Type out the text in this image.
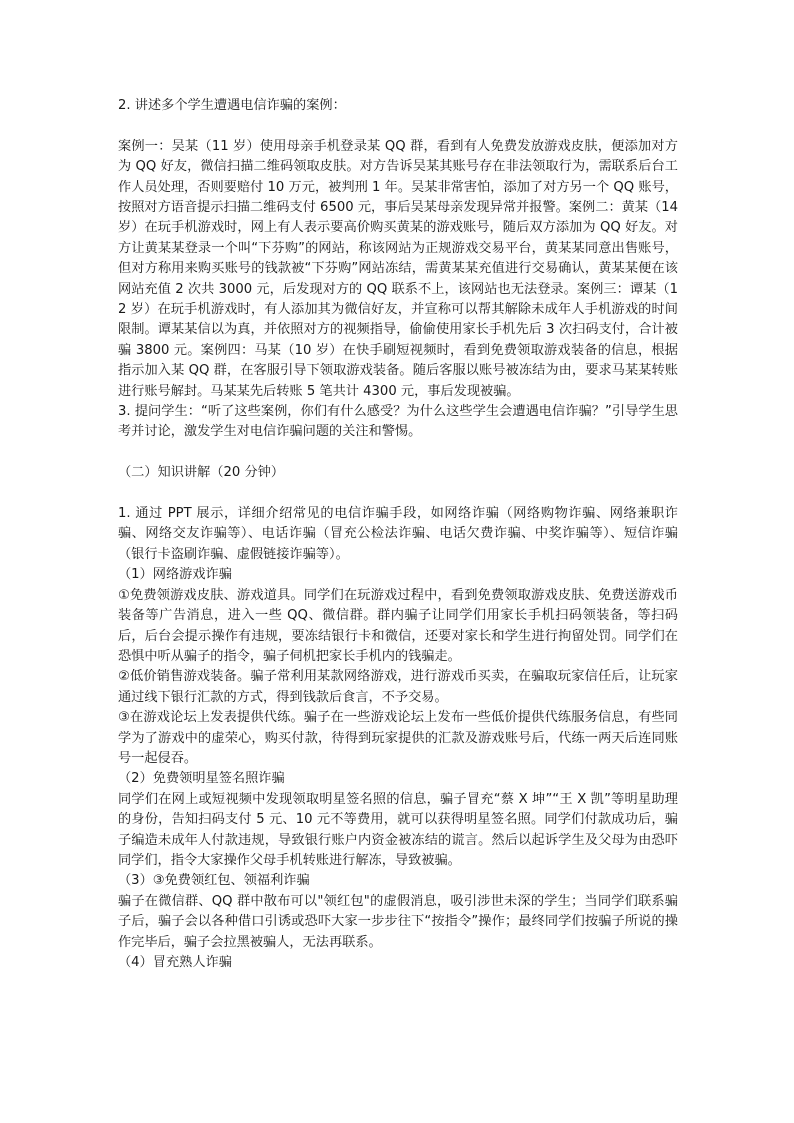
2. 讲述多个学生遭遇电信诈骗的案例：

案例一：吴某（11 岁）使用母亲手机登录某 QQ 群，看到有人免费发放游戏皮肤，便添加对方为 QQ 好友，微信扫描二维码领取皮肤。对方告诉吴某其账号存在非法领取行为，需联系后台工作人员处理，否则要赔付 10 万元，被判刑 1 年。吴某非常害怕，添加了对方另一个 QQ 账号，按照对方语音提示扫描二维码支付 6500 元，事后吴某母亲发现异常并报警。案例二：黄某（14 岁）在玩手机游戏时，网上有人表示要高价购买黄某的游戏账号，随后双方添加为 QQ 好友。对方让黄某某登录一个叫“下芬购”的网站，称该网站为正规游戏交易平台，黄某某同意出售账号，但对方称用来购买账号的钱款被“下芬购”网站冻结，需黄某某充值进行交易确认，黄某某便在该网站充值 2 次共 3000 元，后发现对方的 QQ 联系不上，该网站也无法登录。案例三：谭某（12 岁）在玩手机游戏时，有人添加其为微信好友，并宣称可以帮其解除未成年人手机游戏的时间限制。谭某某信以为真，并依照对方的视频指导，偷偷使用家长手机先后 3 次扫码支付，合计被骗 3800 元。案例四：马某（10 岁）在快手刷短视频时，看到免费领取游戏装备的信息，根据指示加入某 QQ 群，在客服引导下领取游戏装备。随后客服以账号被冻结为由，要求马某某转账进行账号解封。马某某先后转账 5 笔共计 4300 元，事后发现被骗。

3. 提问学生：“听了这些案例，你们有什么感受？为什么这些学生会遭遇电信诈骗？”引导学生思考并讨论，激发学生对电信诈骗问题的关注和警惕。

（二）知识讲解（20 分钟）

1. 通过 PPT 展示，详细介绍常见的电信诈骗手段，如网络诈骗（网络购物诈骗、网络兼职诈骗、网络交友诈骗等）、电话诈骗（冒充公检法诈骗、电话欠费诈骗、中奖诈骗等）、短信诈骗（银行卡盗刷诈骗、虚假链接诈骗等）。

（1）网络游戏诈骗

①免费领游戏皮肤、游戏道具。同学们在玩游戏过程中，看到免费领取游戏皮肤、免费送游戏币装备等广告消息，进入一些 QQ、微信群。群内骗子让同学们用家长手机扫码领装备，等扫码后，后台会提示操作有违规，要冻结银行卡和微信，还要对家长和学生进行拘留处罚。同学们在恐惧中听从骗子的指令，骗子伺机把家长手机内的钱骗走。

②低价销售游戏装备。骗子常利用某款网络游戏，进行游戏币买卖，在骗取玩家信任后，让玩家通过线下银行汇款的方式，得到钱款后食言，不予交易。

③在游戏论坛上发表提供代练。骗子在一些游戏论坛上发布一些低价提供代练服务信息，有些同学为了游戏中的虚荣心，购买付款，待得到玩家提供的汇款及游戏账号后，代练一两天后连同账号一起侵吞。

（2）免费领明星签名照诈骗

同学们在网上或短视频中发现领取明星签名照的信息，骗子冒充“蔡 X 坤”“王 X 凯”等明星助理的身份，告知扫码支付 5 元、10 元不等费用，就可以获得明星签名照。同学们付款成功后，骗子编造未成年人付款违规，导致银行账户内资金被冻结的谎言。然后以起诉学生及父母为由恐吓同学们，指令大家操作父母手机转账进行解冻，导致被骗。

（3）③免费领红包、领福利诈骗

骗子在微信群、QQ 群中散布可以"领红包"的虚假消息，吸引涉世未深的学生；当同学们联系骗子后，骗子会以各种借口引诱或恐吓大家一步步往下“按指令”操作；最终同学们按骗子所说的操作完毕后，骗子会拉黑被骗人，无法再联系。

（4）冒充熟人诈骗
